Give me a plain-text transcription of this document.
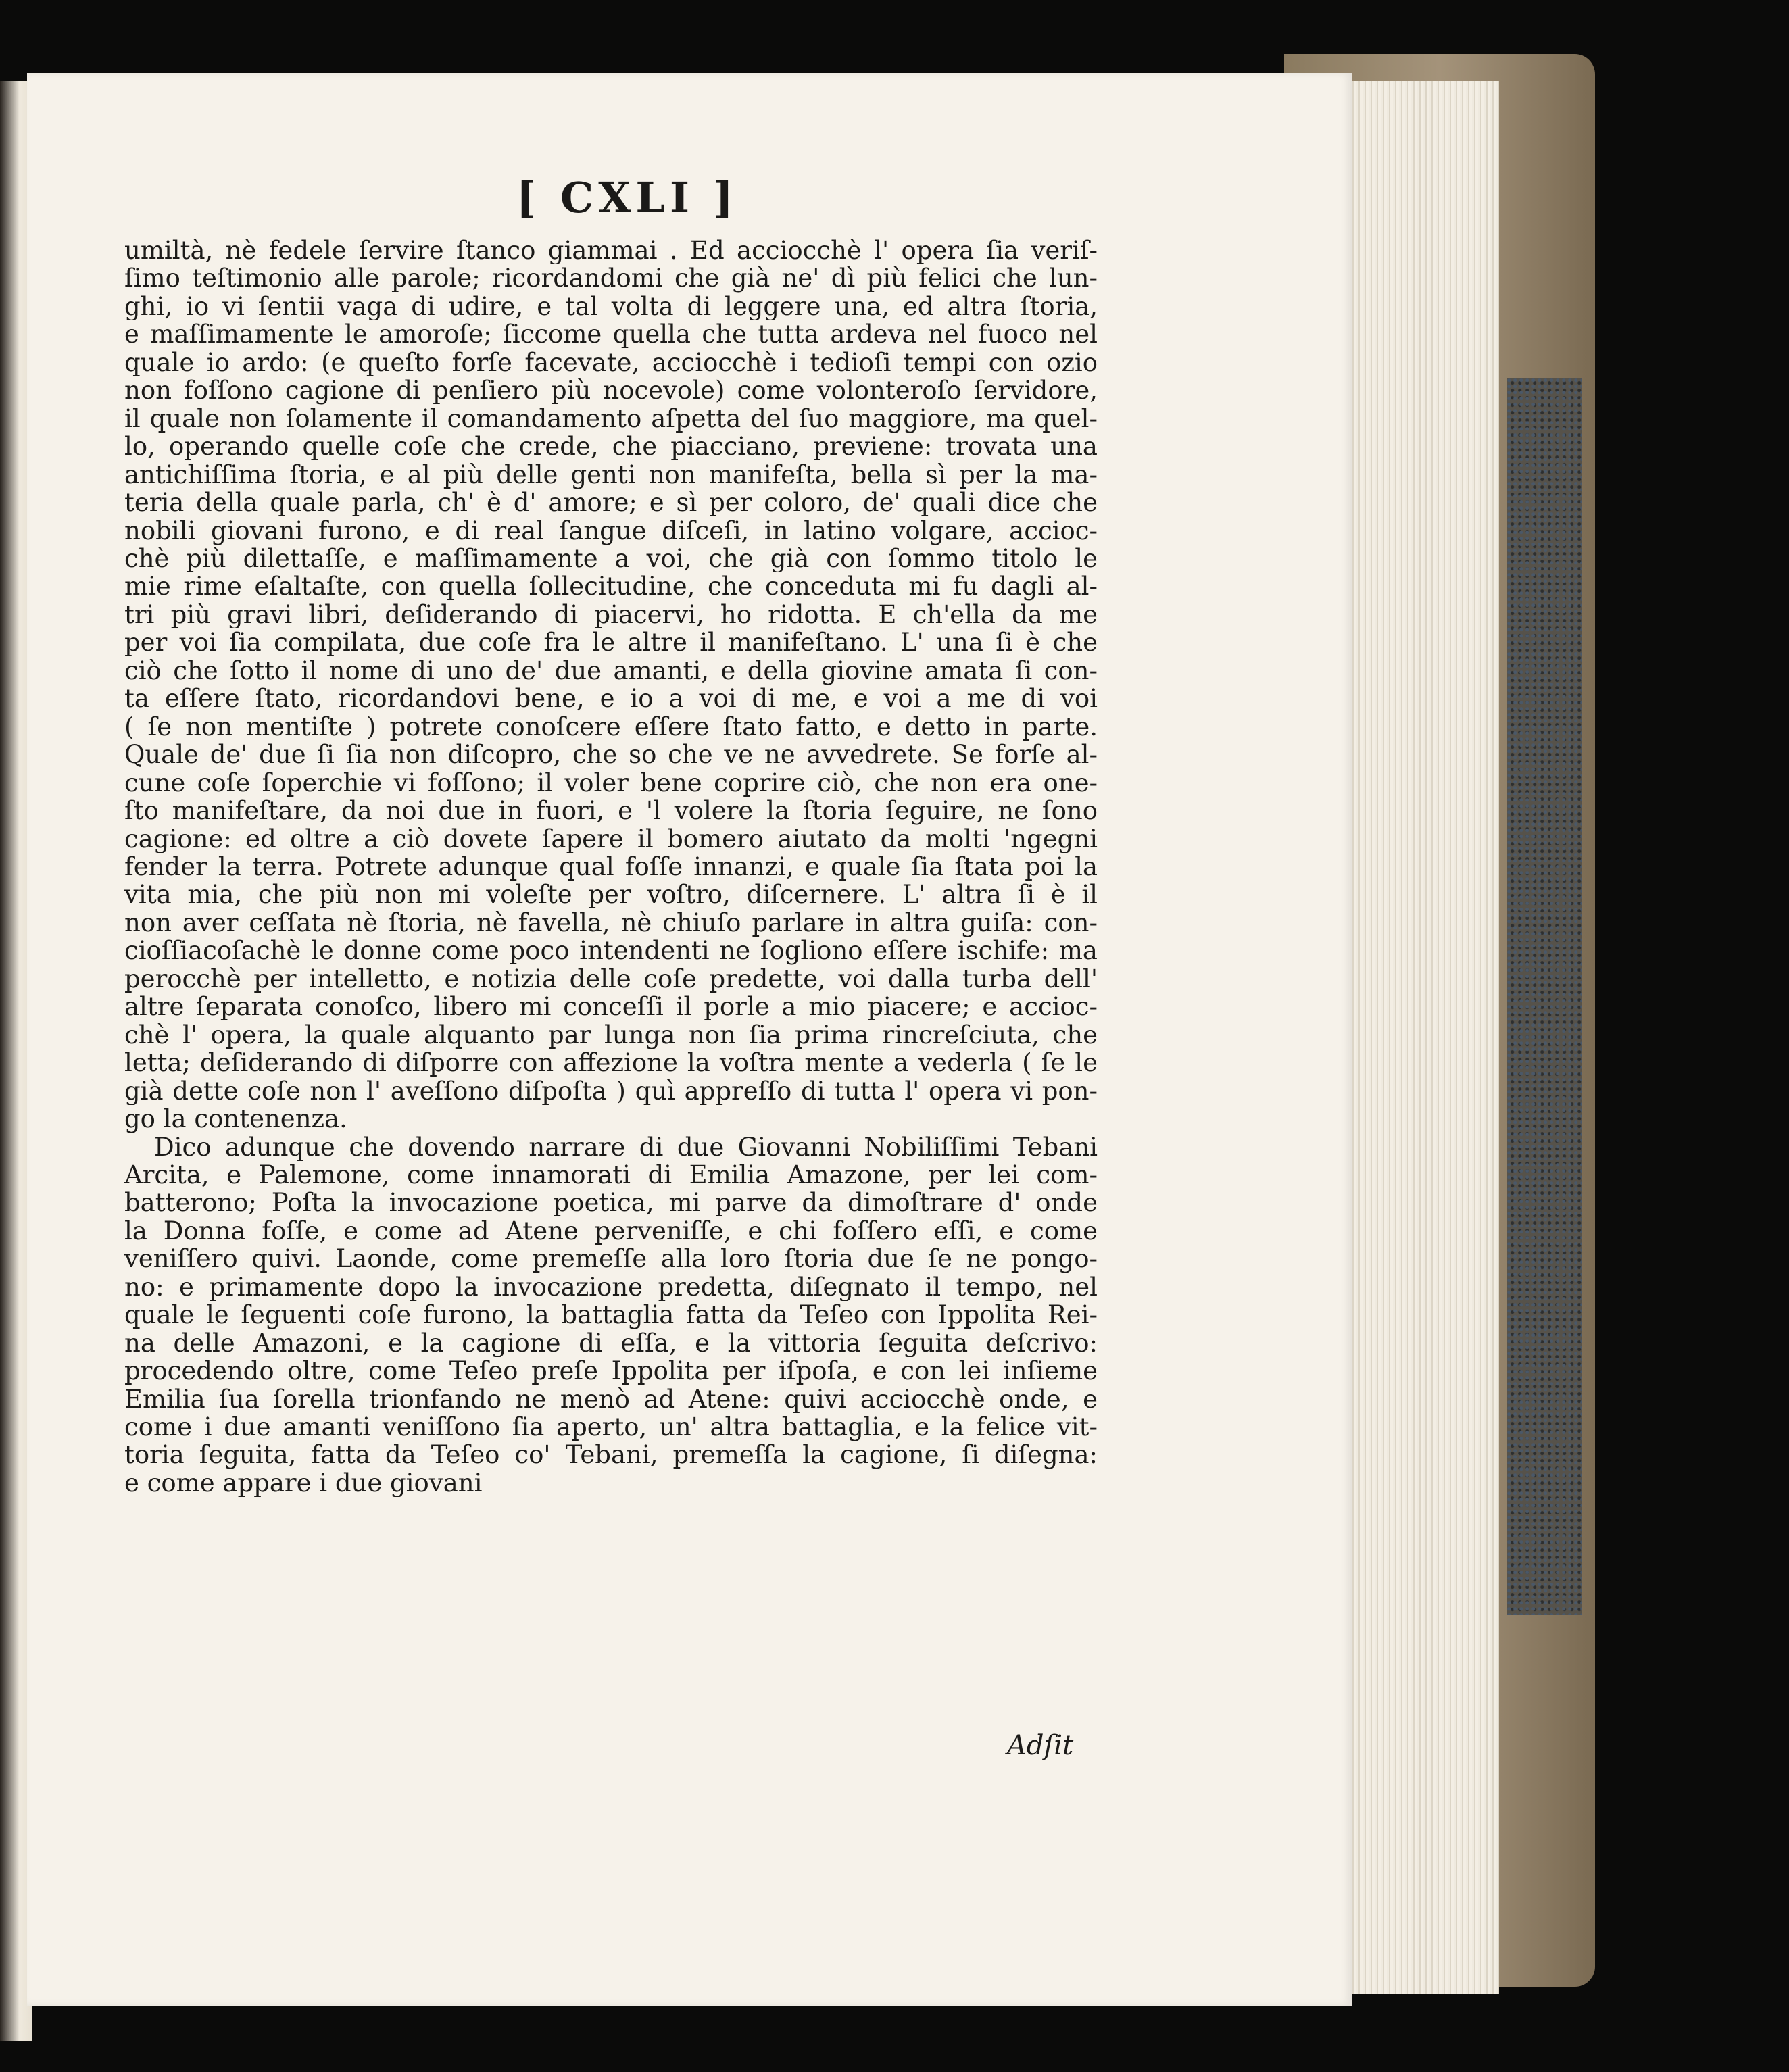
[ CXLI ]
umiltà, nè fedele ſervire ſtanco giammai . Ed acciocchè l' opera ſia veriſ-
ſimo teſtimonio alle parole; ricordandomi che già ne' dì più felici che lun-
ghi, io vi ſentii vaga di udire, e tal volta di leggere una, ed altra ſtoria,
e maſſimamente le amoroſe; ſiccome quella che tutta ardeva nel fuoco nel
quale io ardo: (e queſto forſe facevate, acciocchè i tedioſi tempi con ozio
non foſſono cagione di penſiero più nocevole) come volonteroſo ſervidore,
il quale non ſolamente il comandamento aſpetta del ſuo maggiore, ma quel-
lo, operando quelle coſe che crede, che piacciano, previene: trovata una
antichiſſima ſtoria, e al più delle genti non manifeſta, bella sì per la ma-
teria della quale parla, ch' è d' amore; e sì per coloro, de' quali dice che
nobili giovani furono, e di real ſangue diſceſi, in latino volgare, accioc-
chè più dilettaſſe, e maſſimamente a voi, che già con ſommo titolo le
mie rime eſaltaſte, con quella ſollecitudine, che conceduta mi fu dagli al-
tri più gravi libri, deſiderando di piacervi, ho ridotta. E ch'ella da me
per voi ſia compilata, due coſe fra le altre il manifeſtano. L' una ſi è che
ciò che ſotto il nome di uno de' due amanti, e della giovine amata ſi con-
ta eſſere ſtato, ricordandovi bene, e io a voi di me, e voi a me di voi
( ſe non mentiſte ) potrete conoſcere eſſere ſtato fatto, e detto in parte.
Quale de' due ſi ſia non diſcopro, che so che ve ne avvedrete. Se forſe al-
cune coſe ſoperchie vi foſſono; il voler bene coprire ciò, che non era one-
ſto manifeſtare, da noi due in fuori, e 'l volere la ſtoria ſeguire, ne ſono
cagione: ed oltre a ciò dovete ſapere il bomero aiutato da molti 'ngegni
fender la terra. Potrete adunque qual foſſe innanzi, e quale ſia ſtata poi la
vita mia, che più non mi voleſte per voſtro, diſcernere. L' altra ſi è il
non aver ceſſata nè ſtoria, nè favella, nè chiuſo parlare in altra guiſa: con-
cioſſiacoſachè le donne come poco intendenti ne ſogliono eſſere ischife: ma
perocchè per intelletto, e notizia delle coſe predette, voi dalla turba dell'
altre ſeparata conoſco, libero mi conceſſi il porle a mio piacere; e accioc-
chè l' opera, la quale alquanto par lunga non ſia prima rincreſciuta, che
letta; deſiderando di diſporre con affezione la voſtra mente a vederla ( ſe le
già dette coſe non l' aveſſono diſpoſta ) quì appreſſo di tutta l' opera vi pon-
go la contenenza.
Dico adunque che dovendo narrare di due Giovanni Nobiliſſimi Tebani
Arcita, e Palemone, come innamorati di Emilia Amazone, per lei com-
batterono; Poſta la invocazione poetica, mi parve da dimoſtrare d' onde
la Donna foſſe, e come ad Atene perveniſſe, e chi foſſero eſſi, e come
veniſſero quivi. Laonde, come premeſſe alla loro ſtoria due ſe ne pongo-
no: e primamente dopo la invocazione predetta, diſegnato il tempo, nel
quale le ſeguenti coſe furono, la battaglia fatta da Teſeo con Ippolita Rei-
na delle Amazoni, e la cagione di eſſa, e la vittoria ſeguita deſcrivo:
procedendo oltre, come Teſeo preſe Ippolita per iſpoſa, e con lei inſieme
Emilia ſua ſorella trionfando ne menò ad Atene: quivi acciocchè onde, e
come i due amanti veniſſono ſia aperto, un' altra battaglia, e la felice vit-
toria ſeguita, fatta da Teſeo co' Tebani, premeſſa la cagione, ſi diſegna:
e come appare i due giovani
Adſit
